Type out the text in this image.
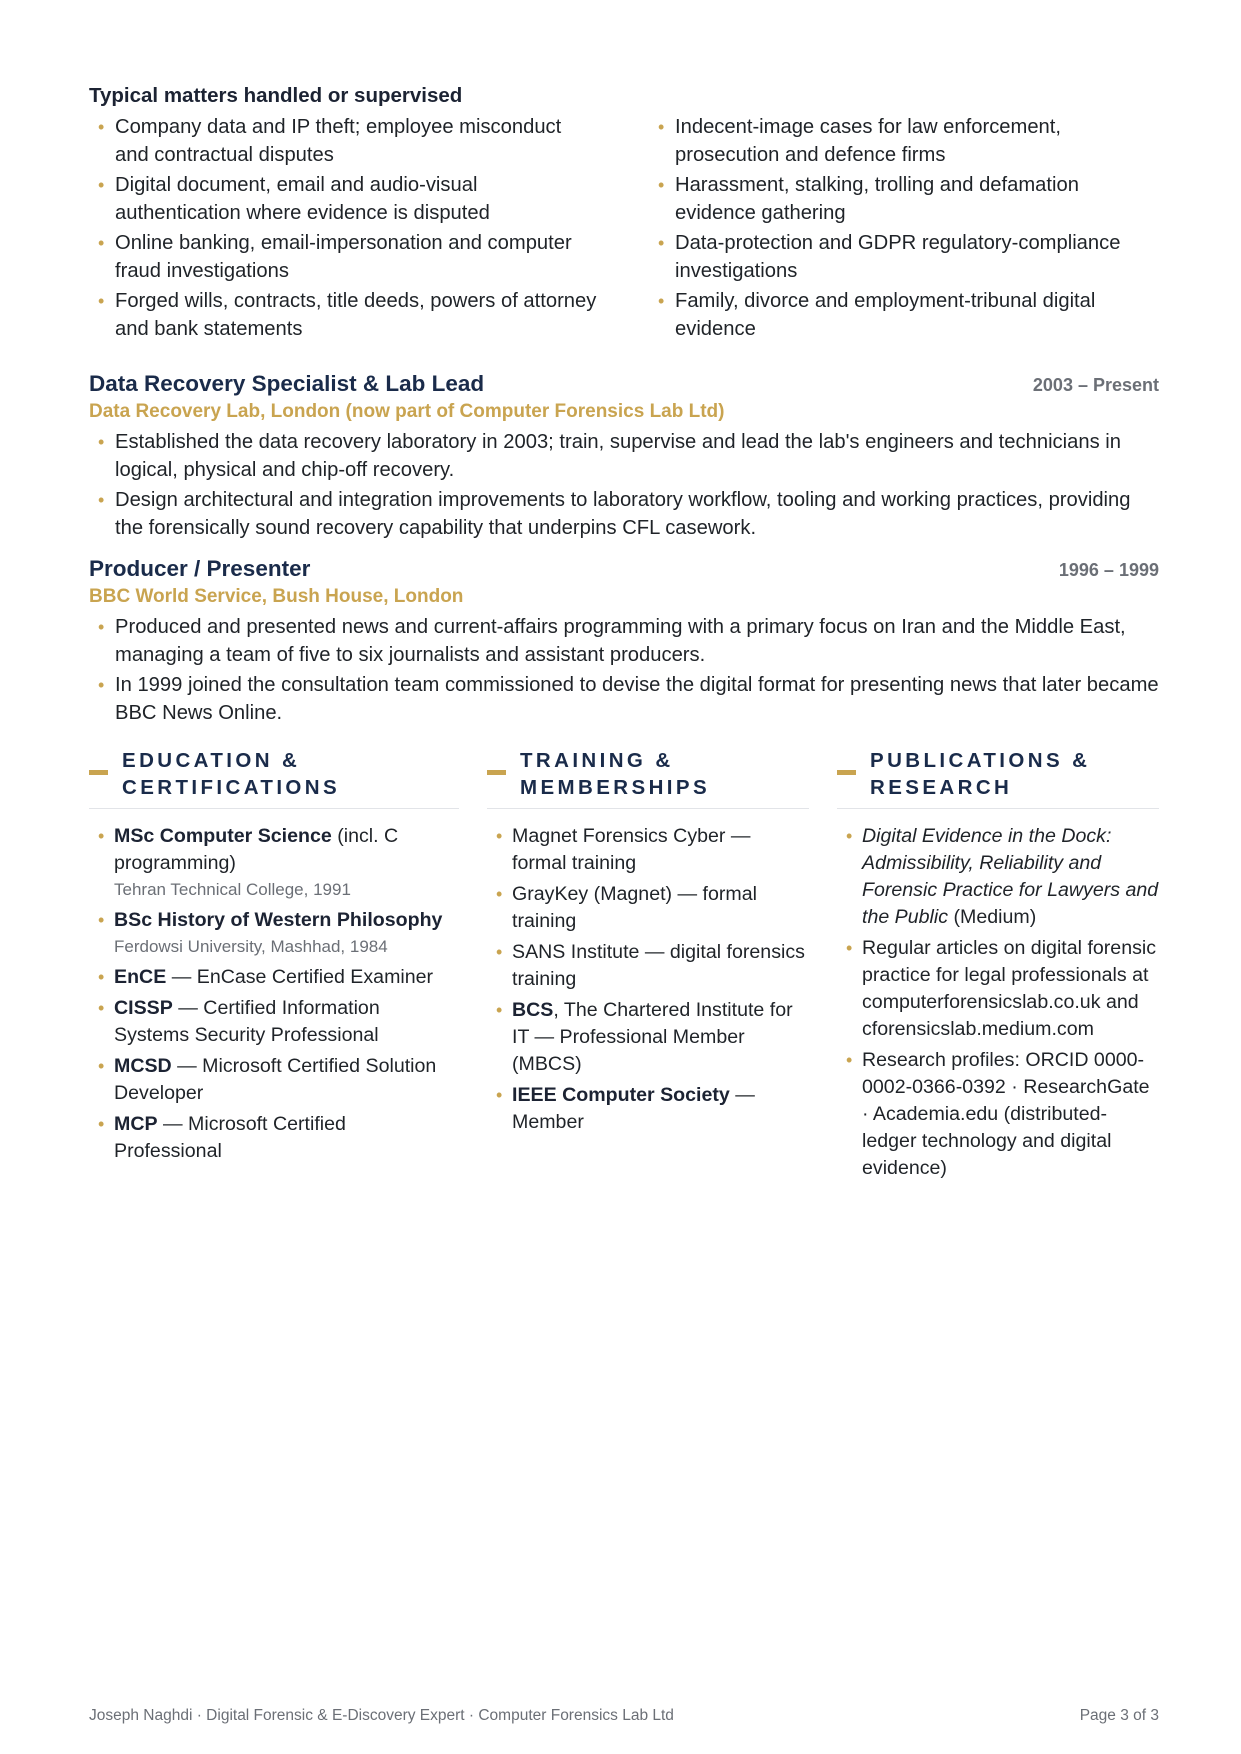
Typical matters handled or supervised
• Company data and IP theft; employee misconduct and contractual disputes
• Digital document, email and audio-visual authentication where evidence is disputed
• Online banking, email-impersonation and computer fraud investigations
• Forged wills, contracts, title deeds, powers of attorney and bank statements
• Indecent-image cases for law enforcement, prosecution and defence firms
• Harassment, stalking, trolling and defamation evidence gathering
• Data-protection and GDPR regulatory-compliance investigations
• Family, divorce and employment-tribunal digital evidence
Data Recovery Specialist & Lab Lead	2003 – Present
Data Recovery Lab, London (now part of Computer Forensics Lab Ltd)
• Established the data recovery laboratory in 2003; train, supervise and lead the lab's engineers and technicians in logical, physical and chip-off recovery.
• Design architectural and integration improvements to laboratory workflow, tooling and working practices, providing the forensically sound recovery capability that underpins CFL casework.
Producer / Presenter	1996 – 1999
BBC World Service, Bush House, London
• Produced and presented news and current-affairs programming with a primary focus on Iran and the Middle East, managing a team of five to six journalists and assistant producers.
• In 1999 joined the consultation team commissioned to devise the digital format for presenting news that later became BBC News Online.
EDUCATION & CERTIFICATIONS
• MSc Computer Science (incl. C programming)
Tehran Technical College, 1991
• BSc History of Western Philosophy
Ferdowsi University, Mashhad, 1984
• EnCE — EnCase Certified Examiner
• CISSP — Certified Information Systems Security Professional
• MCSD — Microsoft Certified Solution Developer
• MCP — Microsoft Certified Professional
TRAINING & MEMBERSHIPS
• Magnet Forensics Cyber — formal training
• GrayKey (Magnet) — formal training
• SANS Institute — digital forensics training
• BCS, The Chartered Institute for IT — Professional Member (MBCS)
• IEEE Computer Society — Member
PUBLICATIONS & RESEARCH
• Digital Evidence in the Dock: Admissibility, Reliability and Forensic Practice for Lawyers and the Public (Medium)
• Regular articles on digital forensic practice for legal professionals at computerforensicslab.co.uk and cforensicslab.medium.com
• Research profiles: ORCID 0000-0002-0366-0392 · ResearchGate · Academia.edu (distributed-ledger technology and digital evidence)
Joseph Naghdi · Digital Forensic & E-Discovery Expert · Computer Forensics Lab Ltd	Page 3 of 3
